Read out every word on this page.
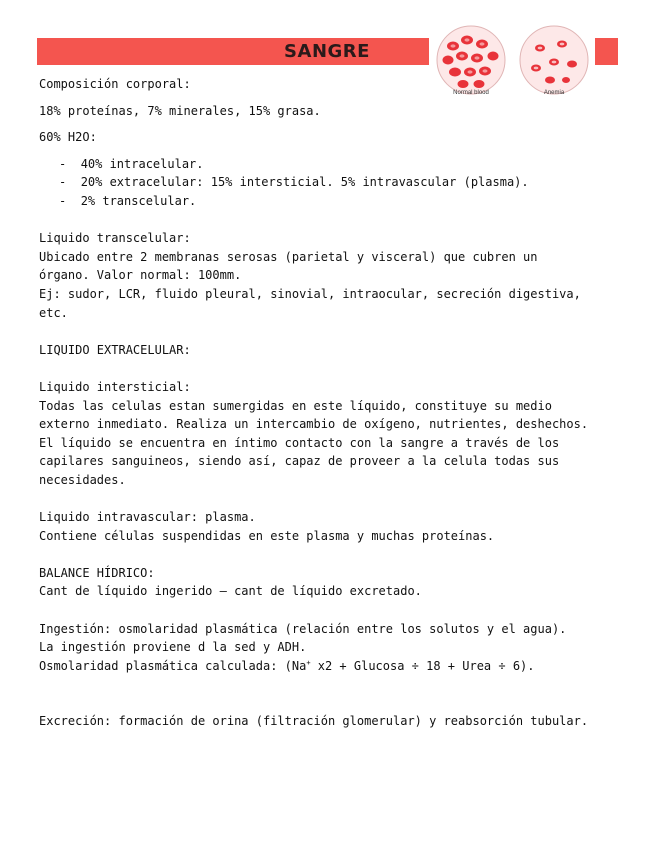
SANGRE
Normal blood	Anemia

Composición corporal:

18% proteínas, 7% minerales, 15% grasa.

60% H2O:

-  40% intracelular.

-  20% extracelular: 15% intersticial. 5% intravascular (plasma).

-  2% transcelular.

Liquido transcelular:

Ubicado entre 2 membranas serosas (parietal y visceral) que cubren un

órgano. Valor normal: 100mm.

Ej: sudor, LCR, fluido pleural, sinovial, intraocular, secreción digestiva,

etc.

LIQUIDO EXTRACELULAR:

Liquido intersticial:

Todas las celulas estan sumergidas en este líquido, constituye su medio

externo inmediato. Realiza un intercambio de oxígeno, nutrientes, deshechos.

El líquido se encuentra en íntimo contacto con la sangre a través de los

capilares sanguineos, siendo así, capaz de proveer a la celula todas sus

necesidades.

Liquido intravascular: plasma.

Contiene células suspendidas en este plasma y muchas proteínas.

BALANCE HÍDRICO:

Cant de líquido ingerido – cant de líquido excretado.

Ingestión: osmolaridad plasmática (relación entre los solutos y el agua).

La ingestión proviene d la sed y ADH.

Osmolaridad plasmática calculada: (Na+ x2 + Glucosa ÷ 18 + Urea ÷ 6).

Excreción: formación de orina (filtración glomerular) y reabsorción tubular.
